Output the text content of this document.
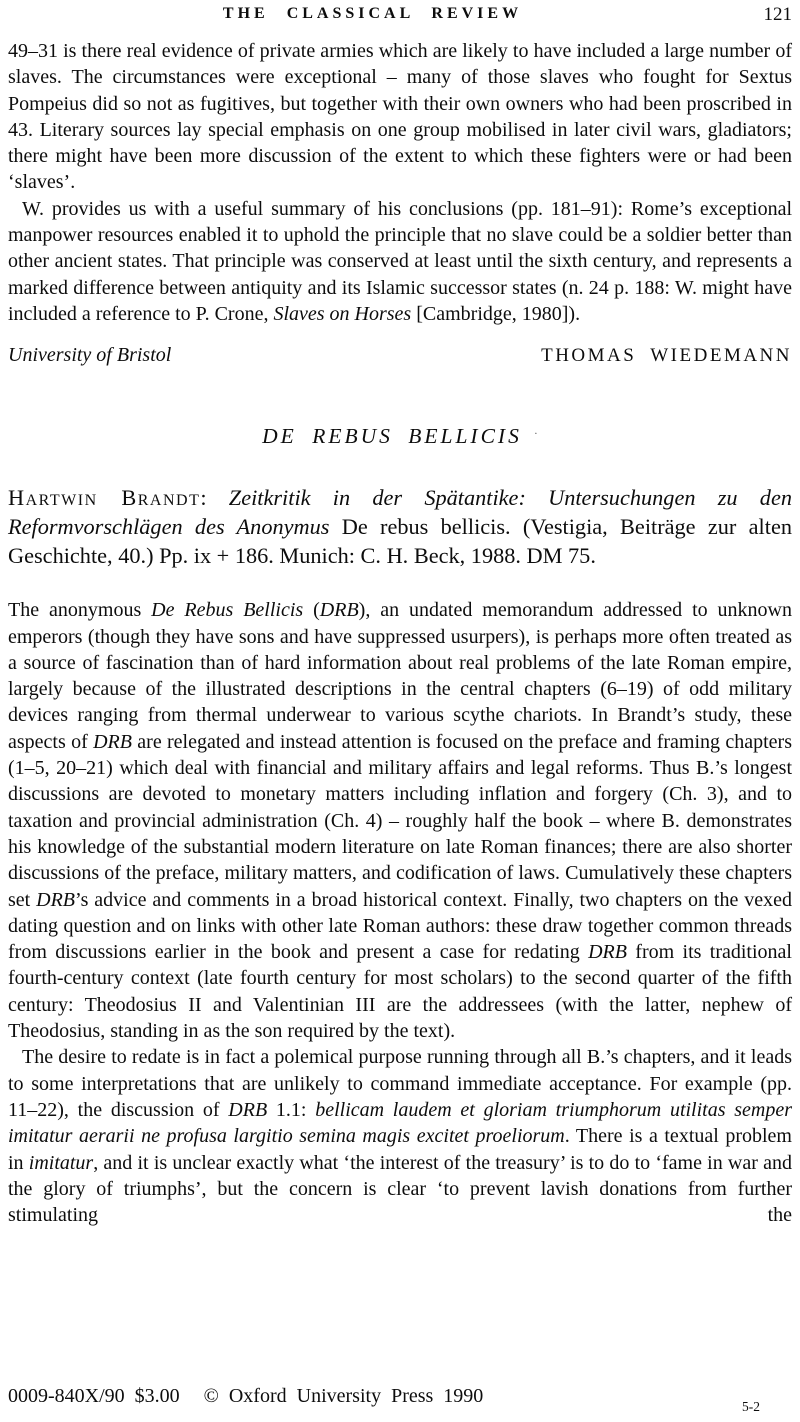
THE CLASSICAL REVIEW	121

49–31 is there real evidence of private armies which are likely to have included a large number of slaves. The circumstances were exceptional – many of those slaves who fought for Sextus Pompeius did so not as fugitives, but together with their own owners who had been proscribed in 43. Literary sources lay special emphasis on one group mobilised in later civil wars, gladiators; there might have been more discussion of the extent to which these fighters were or had been ‘slaves’.

W. provides us with a useful summary of his conclusions (pp. 181–91): Rome’s exceptional manpower resources enabled it to uphold the principle that no slave could be a soldier better than other ancient states. That principle was conserved at least until the sixth century, and represents a marked difference between antiquity and its Islamic successor states (n. 24 p. 188: W. might have included a reference to P. Crone, Slaves on Horses [Cambridge, 1980]).

University of Bristol	THOMAS WIEDEMANN
DE REBUS BELLICIS ·

Hartwin Brandt: Zeitkritik in der Spätantike: Untersuchungen zu den Reformvorschlägen des Anonymus De rebus bellicis. (Vestigia, Beiträge zur alten Geschichte, 40.) Pp. ix + 186. Munich: C. H. Beck, 1988. DM 75.

The anonymous De Rebus Bellicis (DRB), an undated memorandum addressed to unknown emperors (though they have sons and have suppressed usurpers), is perhaps more often treated as a source of fascination than of hard information about real problems of the late Roman empire, largely because of the illustrated descriptions in the central chapters (6–19) of odd military devices ranging from thermal underwear to various scythe chariots. In Brandt’s study, these aspects of DRB are relegated and instead attention is focused on the preface and framing chapters (1–5, 20–21) which deal with financial and military affairs and legal reforms. Thus B.’s longest discussions are devoted to monetary matters including inflation and forgery (Ch. 3), and to taxation and provincial administration (Ch. 4) – roughly half the book – where B. demonstrates his knowledge of the substantial modern literature on late Roman finances; there are also shorter discussions of the preface, military matters, and codification of laws. Cumulatively these chapters set DRB’s advice and comments in a broad historical context. Finally, two chapters on the vexed dating question and on links with other late Roman authors: these draw together common threads from discussions earlier in the book and present a case for redating DRB from its traditional fourth-century context (late fourth century for most scholars) to the second quarter of the fifth century: Theodosius II and Valentinian III are the addressees (with the latter, nephew of Theodosius, standing in as the son required by the text).

The desire to redate is in fact a polemical purpose running through all B.’s chapters, and it leads to some interpretations that are unlikely to command immediate acceptance. For example (pp. 11–22), the discussion of DRB 1.1: bellicam laudem et gloriam triumphorum utilitas semper imitatur aerarii ne profusa largitio semina magis excitet proeliorum. There is a textual problem in imitatur, and it is unclear exactly what ‘the interest of the treasury’ is to do to ‘fame in war and the glory of triumphs’, but the concern is clear ‘to prevent lavish donations from further stimulating the

0009-840X/90 $3.00 © Oxford University Press 1990	5-2
